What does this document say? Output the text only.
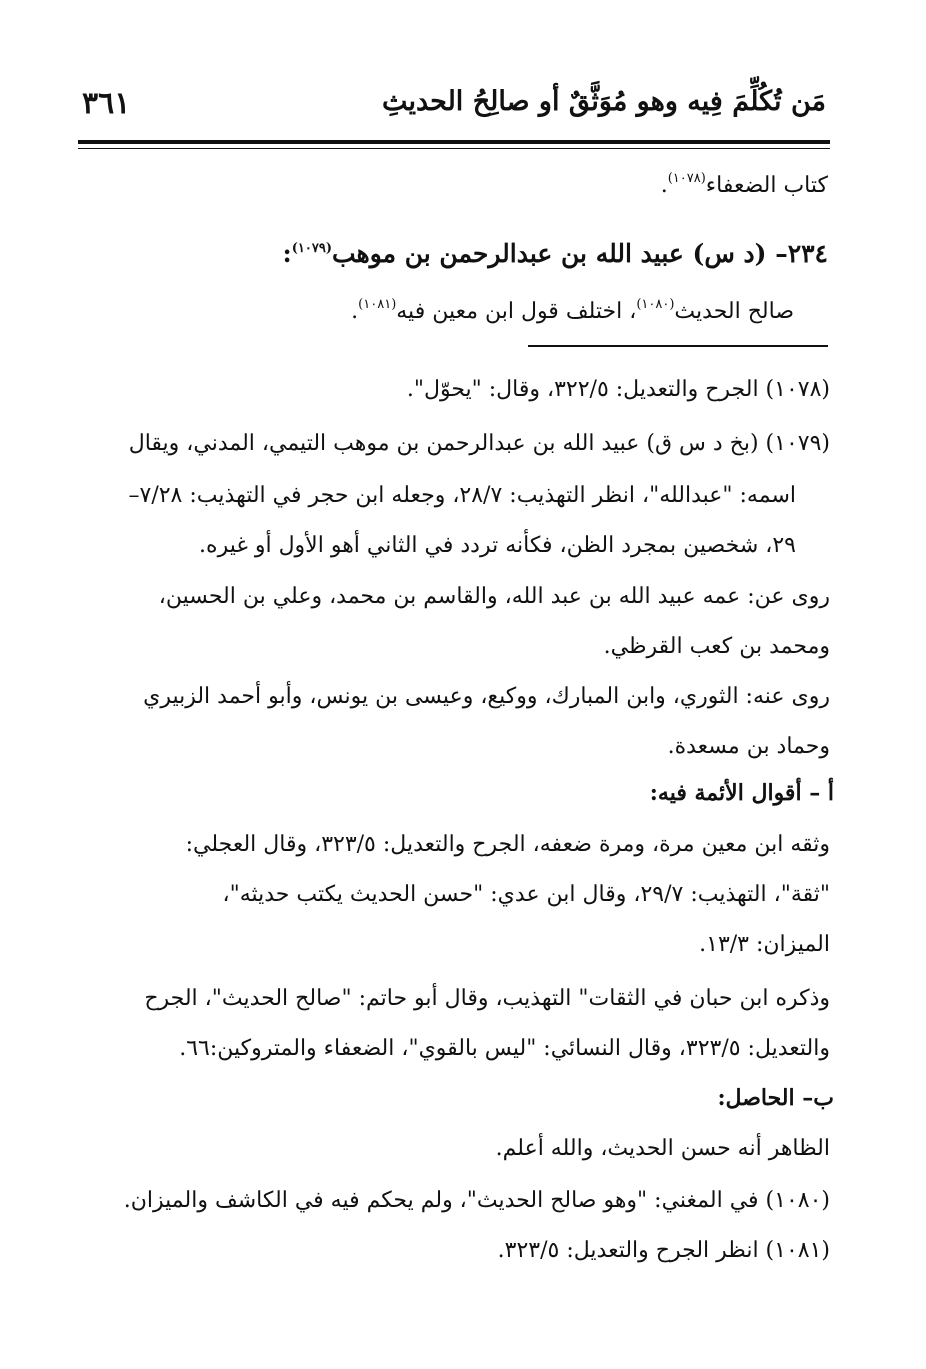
مَن تُكُلِّمَ فِيه وهو مُوَثَّقٌ أو صالِحُ الحديثِ
٣٦١
كتاب الضعفاء$^{(١٠٧٨)}$.
٢٣٤– (د س) عبيد الله بن عبدالرحمن بن موهب$^{(١٠٧٩)}$:
صالح الحديث$^{(١٠٨٠)}$، اختلف قول ابن معين فيه$^{(١٠٨١)}$.
(١٠٧٨) الجرح والتعديل: ٣٢٢/٥، وقال: "يحوّل".
(١٠٧٩) (بخ د س ق) عبيد الله بن عبدالرحمن بن موهب التيمي، المدني، ويقال
اسمه: "عبدالله"، انظر التهذيب: ٢٨/٧، وجعله ابن حجر في التهذيب: ٧/٢٨–
٢٩، شخصين بمجرد الظن، فكأنه تردد في الثاني أهو الأول أو غيره.
روى عن: عمه عبيد الله بن عبد الله، والقاسم بن محمد، وعلي بن الحسين،
ومحمد بن كعب القرظي.
روى عنه: الثوري، وابن المبارك، ووكيع، وعيسى بن يونس، وأبو أحمد الزبيري
وحماد بن مسعدة.
أ – أقوال الأئمة فيه:
وثقه ابن معين مرة، ومرة ضعفه، الجرح والتعديل: ٣٢٣/٥، وقال العجلي:
"ثقة"، التهذيب: ٢٩/٧، وقال ابن عدي: "حسن الحديث يكتب حديثه"،
الميزان: ١٣/٣.
وذكره ابن حبان في الثقات" التهذيب، وقال أبو حاتم: "صالح الحديث"، الجرح
والتعديل: ٣٢٣/٥، وقال النسائي: "ليس بالقوي"، الضعفاء والمتروكين:٦٦.
ب– الحاصل:
الظاهر أنه حسن الحديث، والله أعلم.
(١٠٨٠) في المغني: "وهو صالح الحديث"، ولم يحكم فيه في الكاشف والميزان.
(١٠٨١) انظر الجرح والتعديل: ٣٢٣/٥.
